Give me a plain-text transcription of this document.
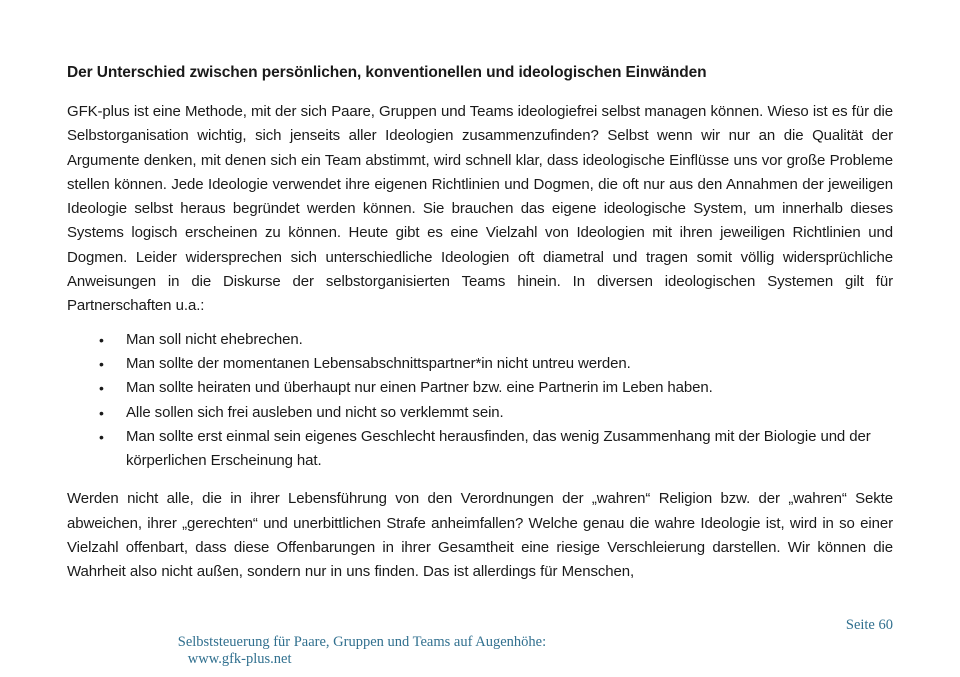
Der Unterschied zwischen persönlichen, konventionellen und ideologischen Einwänden

GFK-plus ist eine Methode, mit der sich Paare, Gruppen und Teams ideologiefrei selbst managen können. Wieso ist es für die Selbstorganisation wichtig, sich jenseits aller Ideologien zusammenzufinden? Selbst wenn wir nur an die Qualität der Argumente denken, mit denen sich ein Team abstimmt, wird schnell klar, dass ideologische Einflüsse uns vor große Probleme stellen können. Jede Ideologie verwendet ihre eigenen Richtlinien und Dogmen, die oft nur aus den Annahmen der jeweiligen Ideologie selbst heraus begründet werden können. Sie brauchen das eigene ideologische System, um innerhalb dieses Systems logisch erscheinen zu können. Heute gibt es eine Vielzahl von Ideologien mit ihren jeweiligen Richtlinien und Dogmen. Leider widersprechen sich unterschiedliche Ideologien oft diametral und tragen somit völlig widersprüchliche Anweisungen in die Diskurse der selbstorganisierten Teams hinein. In diversen ideologischen Systemen gilt für Partnerschaften u.a.:

• Man soll nicht ehebrechen.
• Man sollte der momentanen Lebensabschnittspartner*in nicht untreu werden.
• Man sollte heiraten und überhaupt nur einen Partner bzw. eine Partnerin im Leben haben.
• Alle sollen sich frei ausleben und nicht so verklemmt sein.
• Man sollte erst einmal sein eigenes Geschlecht herausfinden, das wenig Zusammenhang mit der Biologie und der körperlichen Erscheinung hat.

Werden nicht alle, die in ihrer Lebensführung von den Verordnungen der „wahren“ Religion bzw. der „wahren“ Sekte abweichen, ihrer „gerechten“ und unerbittlichen Strafe anheimfallen? Welche genau die wahre Ideologie ist, wird in so einer Vielzahl offenbart, dass diese Offenbarungen in ihrer Gesamtheit eine riesige Verschleierung darstellen. Wir können die Wahrheit also nicht außen, sondern nur in uns finden. Das ist allerdings für Menschen,

Selbststeuerung für Paare, Gruppen und Teams auf Augenhöhe:
www.gfk-plus.net

Seite 60
